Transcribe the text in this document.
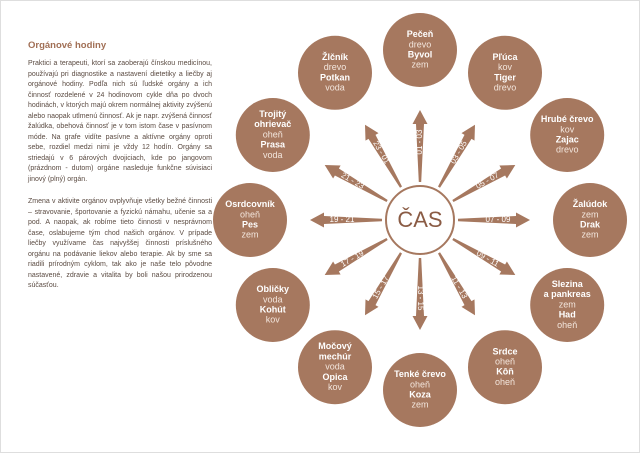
Orgánové hodiny
Praktici a terapeuti, ktorí sa zaoberajú čínskou medicínou, používajú pri diagnostike a nastavení dietetiky a liečby aj orgánové hodiny. Podľa nich sú ľudské orgány a ich činnosť rozdelené v 24 hodinovom cykle dňa po dvoch hodinách, v ktorých majú okrem normálnej aktivity zvýšenú alebo naopak utlmenú činnosť. Ak je napr. zvýšená činnosť žalúdka, obehová činnosť je v tom istom čase v pasívnom móde. Na grafe vidíte pasívne a aktívne orgány oproti sebe, rozdiel medzi nimi je vždy 12 hodín. Orgány sa striedajú v 6 párových dvojiciach, kde po jangovom (prázdnom - dutom) orgáne nasleduje funkčne súvisiaci jinový (plný) orgán.
Zmena v aktivite orgánov ovplyvňuje všetky bežné činnosti – stravovanie, športovanie a fyzickú námahu, učenie sa a pod. A naopak, ak robíme tieto činnosti v nesprávnom čase, oslabujeme tým chod našich orgánov. V prípade liečby využívame čas najvyššej činnosti príslušného orgánu na podávanie liekov alebo terapie. Ak by sme sa riadili prírodným cyklom, tak ako je naše telo pôvodne nastavené, zdravie a vitalita by boli našou prirodzenou súčasťou.
01 - 03	03 - 05
05 - 07
07 - 09
09 - 11
11 - 13
13 - 15
15 - 17
17 - 19
19 - 21
21 - 23
23 - 01
ČAS
Pečeň
drevo
Byvol
zem
Pľúca
kov
Tiger
drevo
Hrubé črevo
kov
Zajac
drevo
Žalúdok
zem
Drak
zem
Slezina
a pankreas
zem
Had
oheň
Srdce
oheň
Kôň
oheň
Tenké črevo
oheň
Koza
zem
Močový
mechúr
voda
Opica
kov
Obličky
voda
Kohút
kov
Osrdcovník
oheň
Pes
zem
Trojitý
ohrievač
oheň
Prasa
voda
Žlčník
drevo
Potkan
voda
